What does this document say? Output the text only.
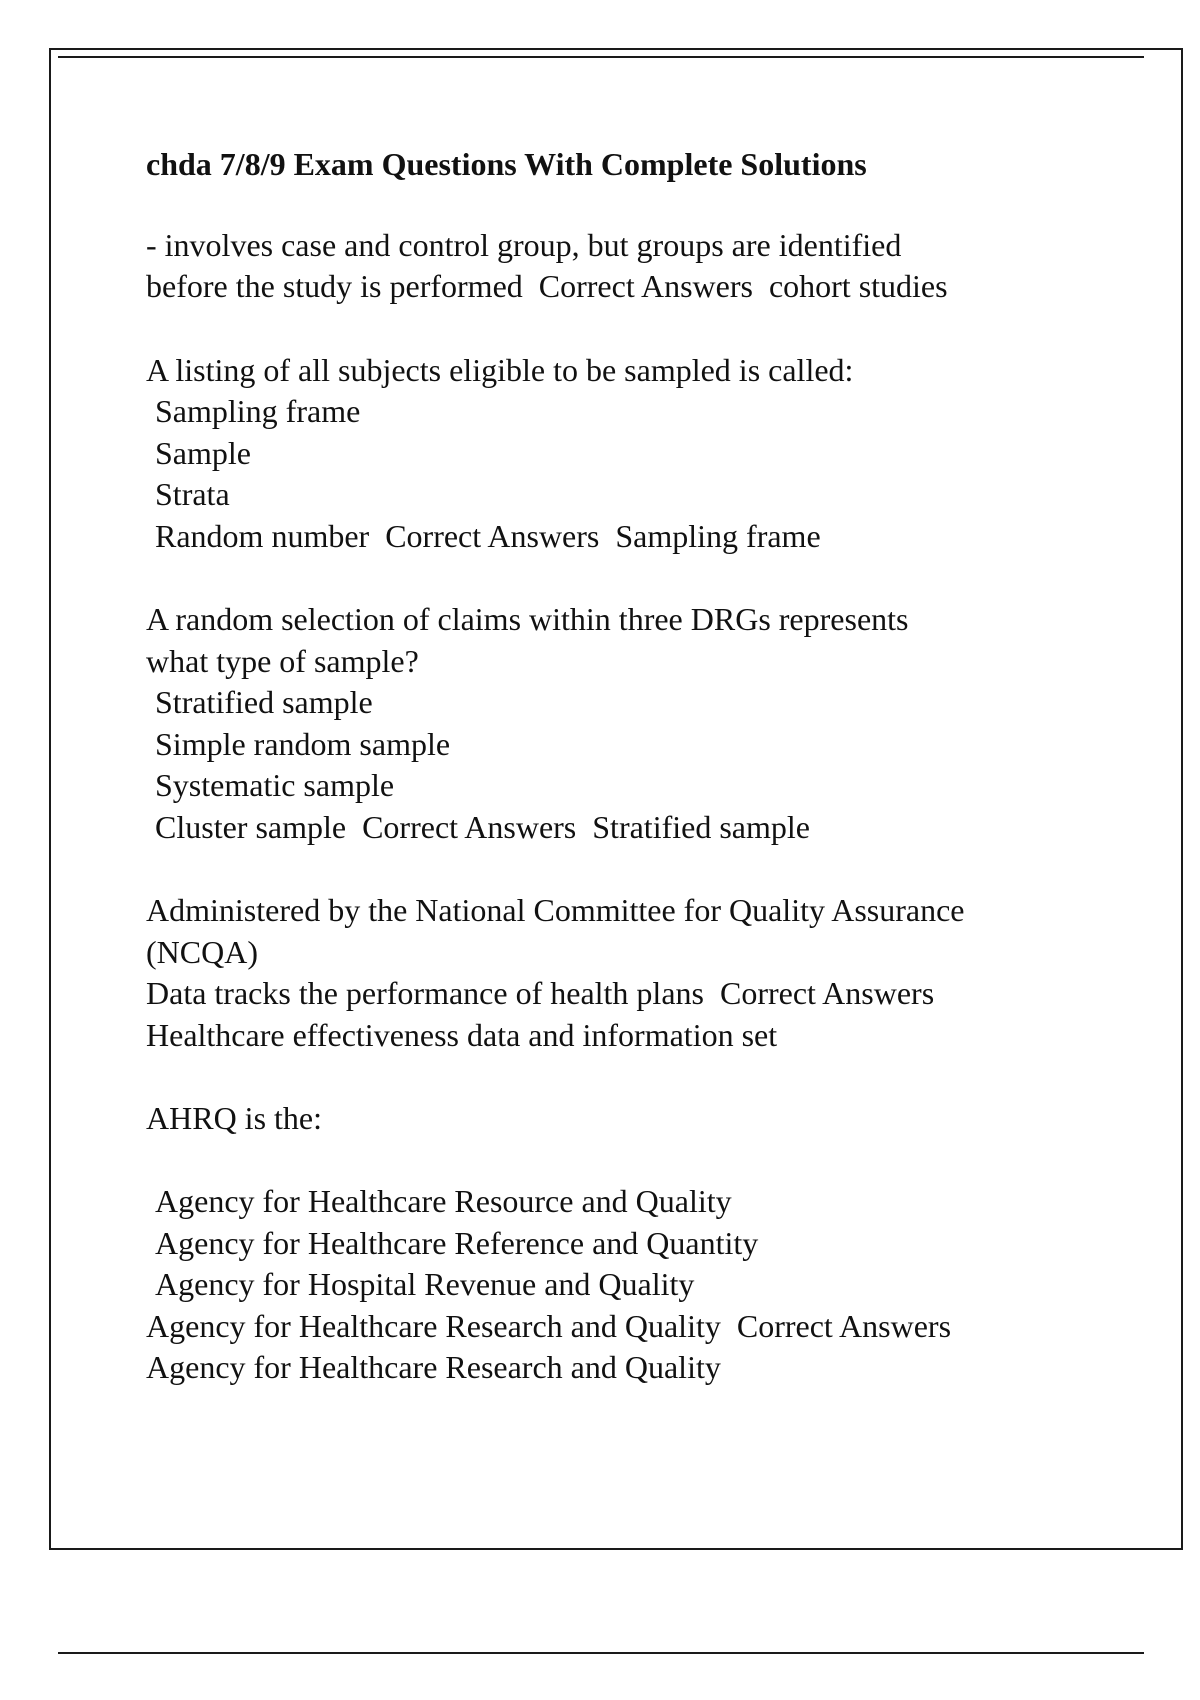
chda 7/8/9 Exam Questions With Complete Solutions
- involves case and control group, but groups are identified
before the study is performed  Correct Answers  cohort studies
A listing of all subjects eligible to be sampled is called:
Sampling frame
Sample
Strata
Random number  Correct Answers  Sampling frame
A random selection of claims within three DRGs represents
what type of sample?
Stratified sample
Simple random sample
Systematic sample
Cluster sample  Correct Answers  Stratified sample
Administered by the National Committee for Quality Assurance
(NCQA)
Data tracks the performance of health plans  Correct Answers
Healthcare effectiveness data and information set
AHRQ is the:
Agency for Healthcare Resource and Quality
Agency for Healthcare Reference and Quantity
Agency for Hospital Revenue and Quality
Agency for Healthcare Research and Quality  Correct Answers
Agency for Healthcare Research and Quality
